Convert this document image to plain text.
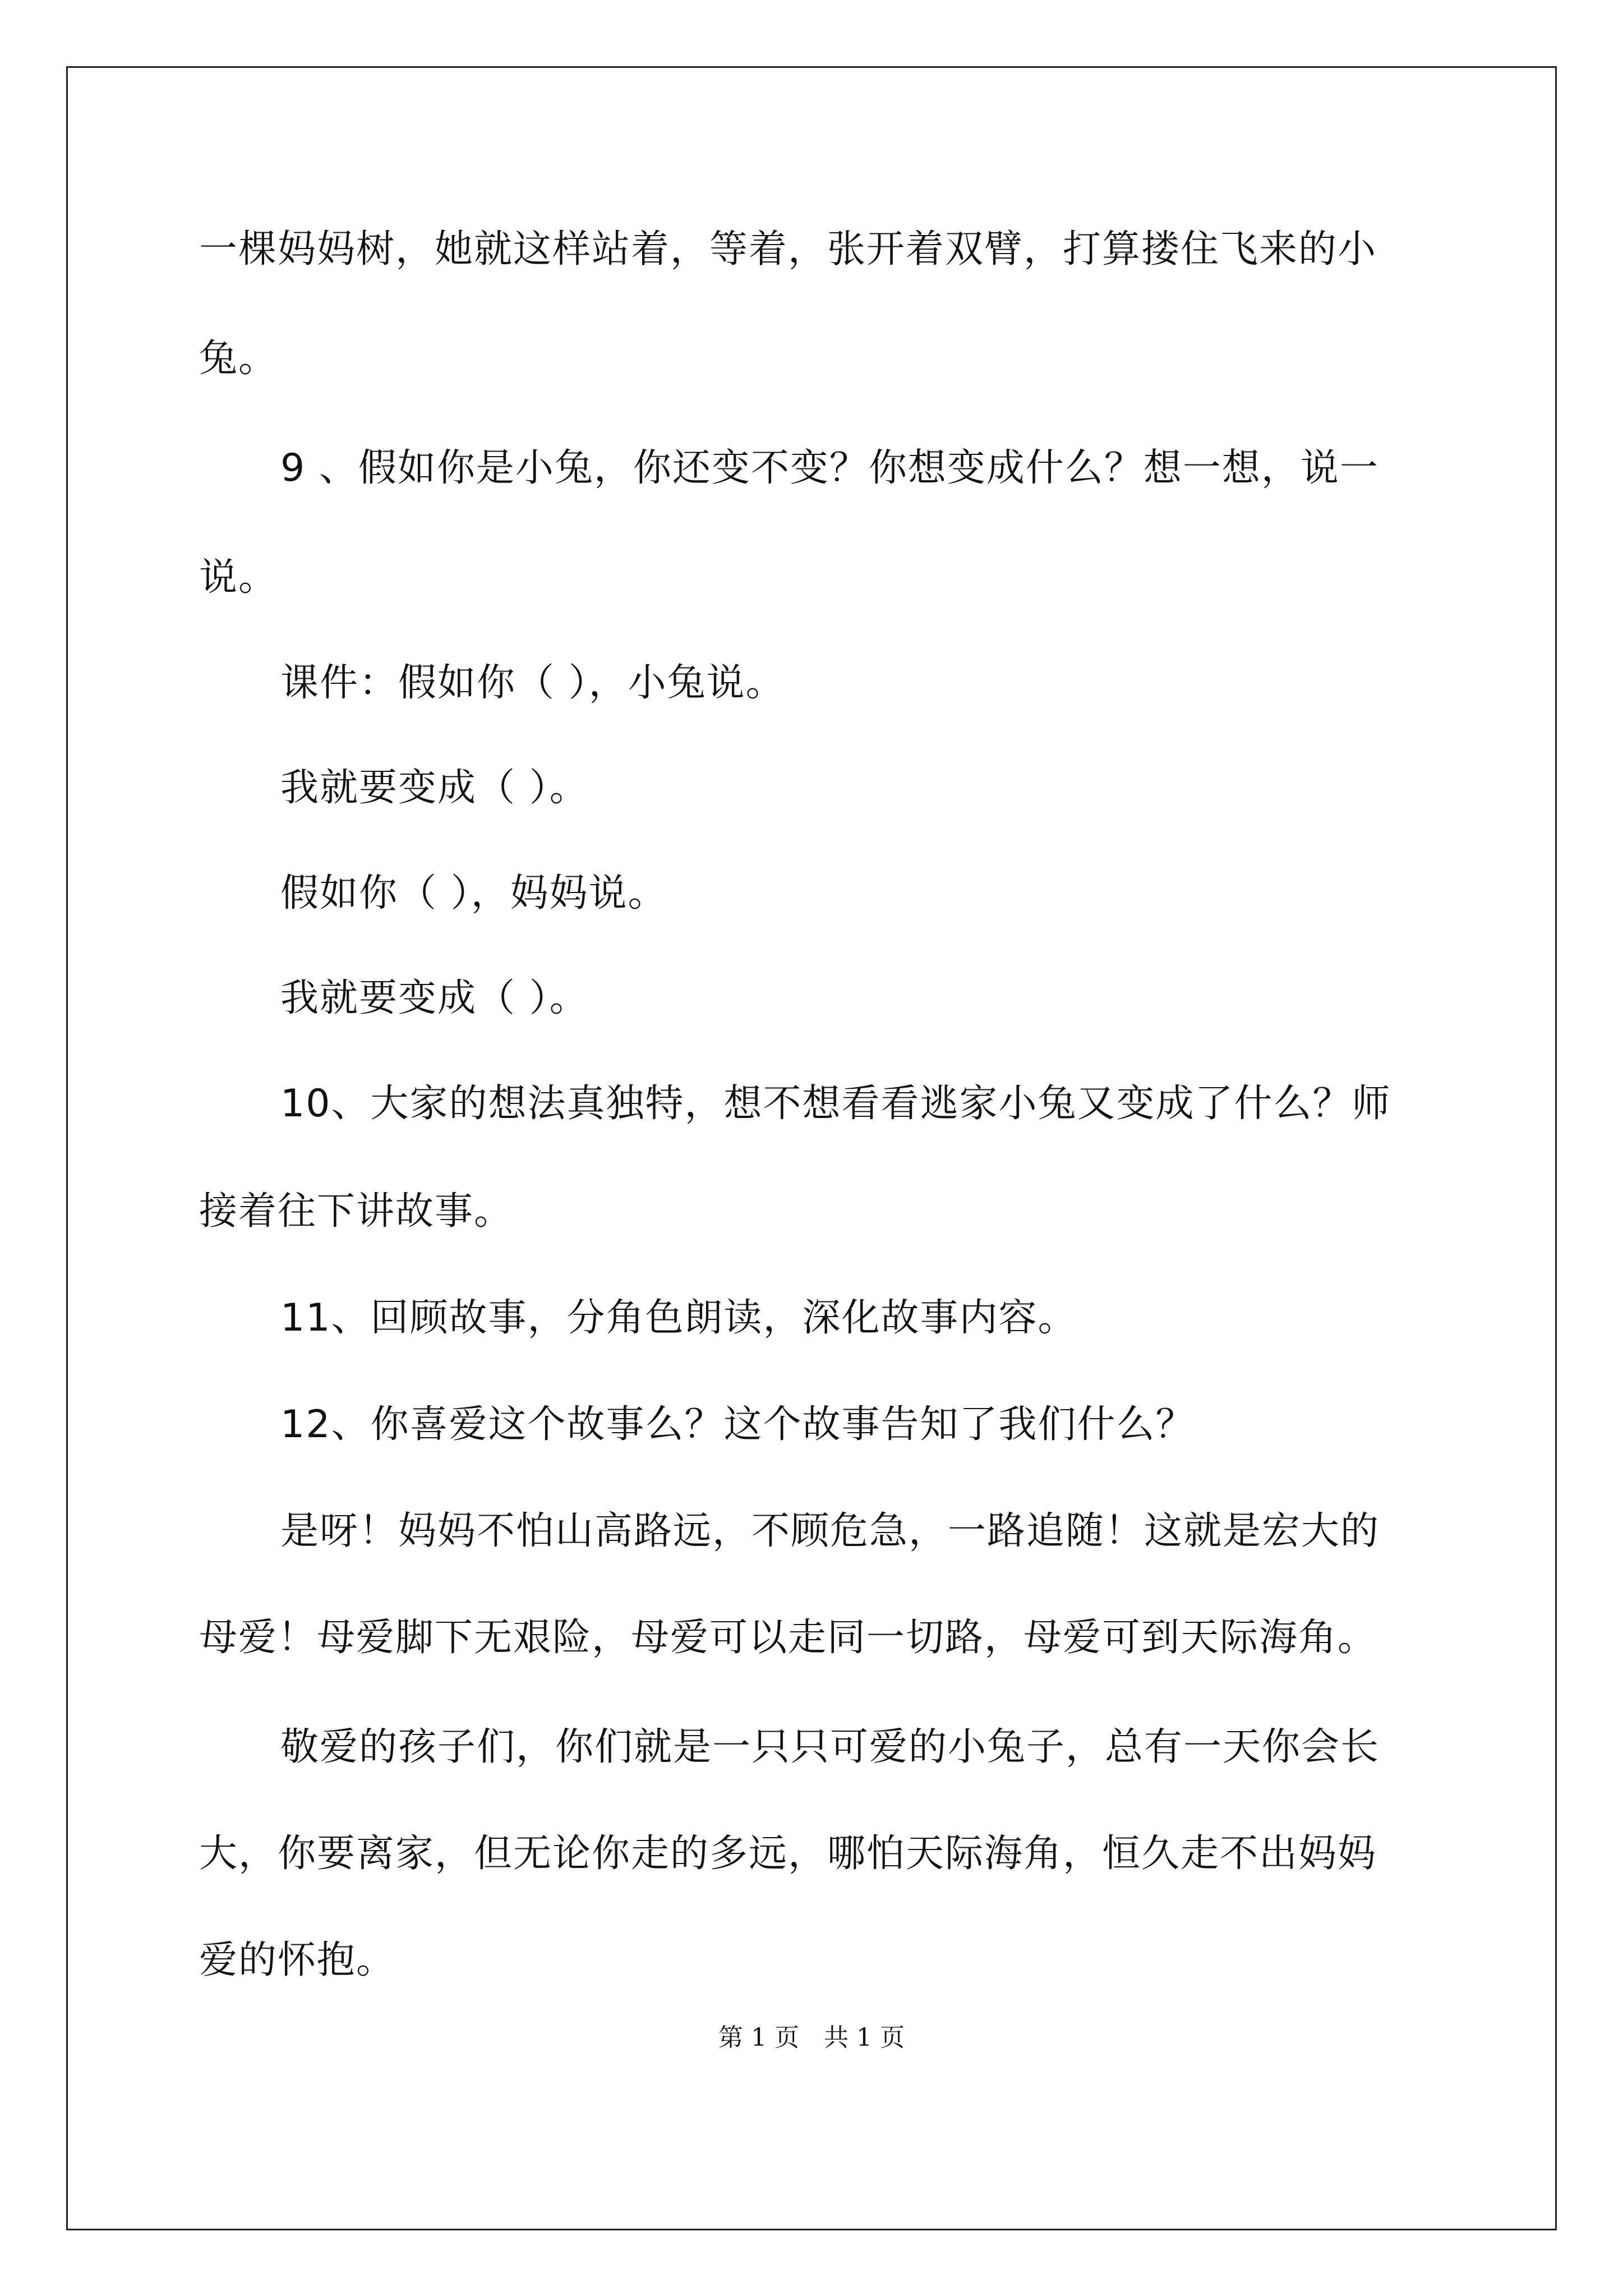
一棵妈妈树，她就这样站着，等着，张开着双臂，打算搂住飞来的小
兔。
9 、假如你是小兔，你还变不变？你想变成什么？想一想，说一
说。
课件：假如你（ ），小兔说。
我就要变成（ ）。
假如你（ ），妈妈说。
我就要变成（ ）。
10、大家的想法真独特，想不想看看逃家小兔又变成了什么？师
接着往下讲故事。
11、回顾故事，分角色朗读，深化故事内容。
12、你喜爱这个故事么？这个故事告知了我们什么？
是呀！妈妈不怕山高路远，不顾危急，一路追随！这就是宏大的
母爱！母爱脚下无艰险，母爱可以走同一切路，母爱可到天际海角。
敬爱的孩子们，你们就是一只只可爱的小兔子，总有一天你会长
大，你要离家，但无论你走的多远，哪怕天际海角，恒久走不出妈妈
爱的怀抱。
第 1 页　共 1 页
